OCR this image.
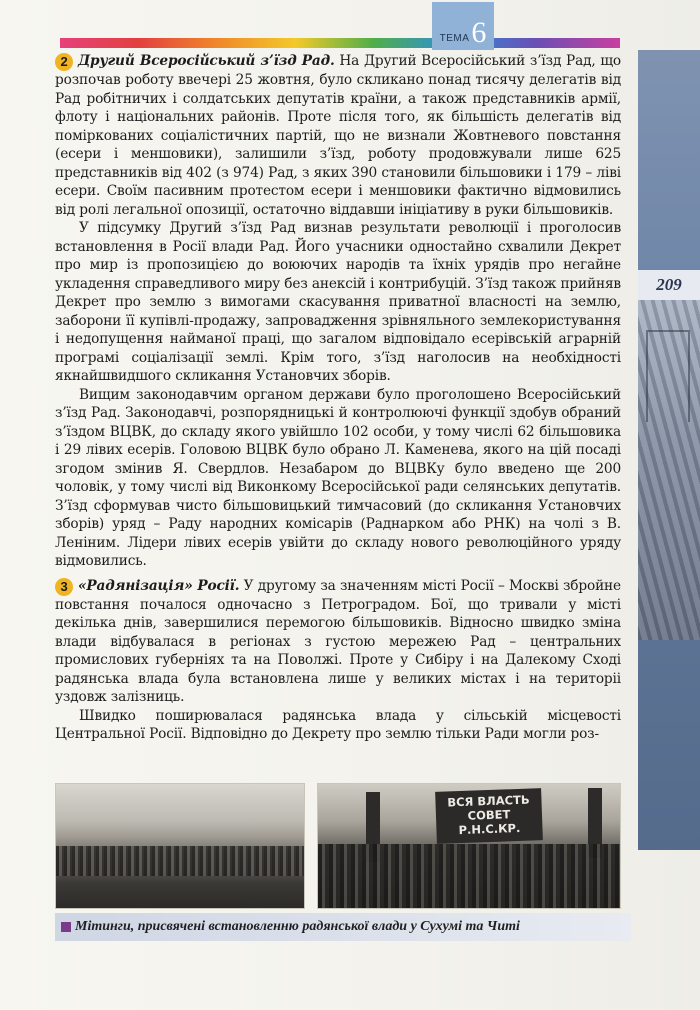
209
ТЕМА 6

2 Другий Всеросійський з’їзд Рад. На Другий Всеросійський з’їзд Рад, що розпочав роботу ввечері 25 жовтня, було скликано понад тисячу делегатів від Рад робітничих і солдатських депутатів країни, а також представників армії, флоту і національних районів. Проте після того, як більшість делегатів від поміркованих соціалістичних партій, що не визнали Жовтневого повстання (есери і меншовики), залишили з’їзд, роботу продовжували лише 625 представників від 402 (з 974) Рад, з яких 390 становили більшовики і 179 – ліві есери. Своїм пасивним протестом есери і меншовики фактично відмовились від ролі легальної опозиції, остаточно віддавши ініціативу в руки більшовиків.

У підсумку Другий з’їзд Рад визнав результати революції і проголосив встановлення в Росії влади Рад. Його учасники одностайно схвалили Декрет про мир із пропозицією до воюючих народів та їхніх урядів про негайне укладення справедливого миру без анексій і контрибуцій. З’їзд також прийняв Декрет про землю з вимогами скасування приватної власності на землю, заборони її купівлі-продажу, запровадження зрівняльного землекористування і недопущення найманої праці, що загалом відповідало есерівській аграрній програмі соціалізації землі. Крім того, з’їзд наголосив на необхідності якнайшвидшого скликання Установчих зборів.

Вищим законодавчим органом держави було проголошено Всеросійський з’їзд Рад. Законодавчі, розпорядницькі й контролюючі функції здобув обраний з’їздом ВЦВК, до складу якого увійшло 102 особи, у тому числі 62 більшовика і 29 лівих есерів. Головою ВЦВК було обрано Л. Каменева, якого на цій посаді згодом змінив Я. Свердлов. Незабаром до ВЦВКу було введено ще 200 чоловік, у тому числі від Виконкому Всеросійської ради селянських депутатів. З’їзд сформував чисто більшовицький тимчасовий (до скликання Установчих зборів) уряд – Раду народних комісарів (Раднарком або РНК) на чолі з В. Леніним. Лідери лівих есерів увійти до складу нового революційного уряду відмовились.

3 «Радянізація» Росії. У другому за значенням місті Росії – Москві збройне повстання почалося одночасно з Петроградом. Бої, що тривали у місті декілька днів, завершилися перемогою більшовиків. Відносно швидко зміна влади відбувалася в регіонах з густою мережею Рад – центральних промислових губерніях та на Поволжі. Проте у Сибіру і на Далекому Сході радянська влада була встановлена лише у великих містах і на територіі уздовж залізниць.

Швидко поширювалася радянська влада у сільській місцевості Центральної Росії. Відповідно до Декрету про землю тільки Ради могли роз-

ВСЯ ВЛАСТЬ СОВЕТ Р.Н.С.КР.
Мітинги, присвячені встановленню радянської влади у Сухумі та Читі
